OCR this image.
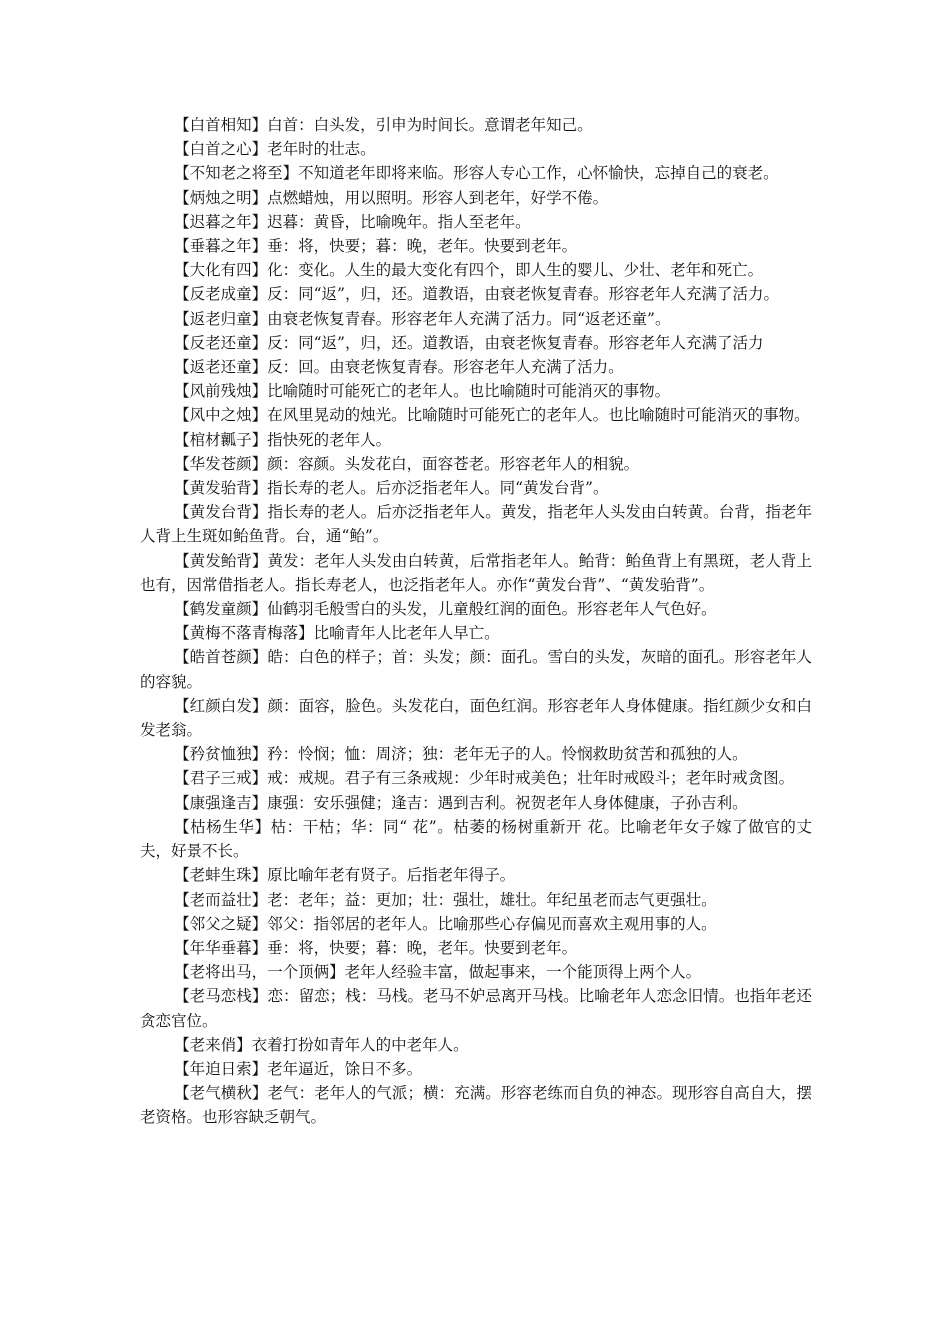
【白首相知】白首：白头发，引申为时间长。意谓老年知己。

【白首之心】老年时的壮志。

【不知老之将至】不知道老年即将来临。形容人专心工作，心怀愉快，忘掉自己的衰老。

【炳烛之明】点燃蜡烛，用以照明。形容人到老年，好学不倦。

【迟暮之年】迟暮：黄昏，比喻晚年。指人至老年。

【垂暮之年】垂：将，快要；暮：晚，老年。快要到老年。

【大化有四】化：变化。人生的最大变化有四个，即人生的婴儿、少壮、老年和死亡。

【反老成童】反：同“返”，归，还。道教语，由衰老恢复青春。形容老年人充满了活力。

【返老归童】由衰老恢复青春。形容老年人充满了活力。同“返老还童”。

【反老还童】反：同“返”，归，还。道教语，由衰老恢复青春。形容老年人充满了活力

【返老还童】反：回。由衰老恢复青春。形容老年人充满了活力。

【风前残烛】比喻随时可能死亡的老年人。也比喻随时可能消灭的事物。

【风中之烛】在风里晃动的烛光。比喻随时可能死亡的老年人。也比喻随时可能消灭的事物。

【棺材瓤子】指快死的老年人。

【华发苍颜】颜：容颜。头发花白，面容苍老。形容老年人的相貌。

【黄发骀背】指长寿的老人。后亦泛指老年人。同“黄发台背”。

【黄发台背】指长寿的老人。后亦泛指老年人。黄发，指老年人头发由白转黄。台背，指老年人背上生斑如鲐鱼背。台，通“鲐”。

【黄发鲐背】黄发：老年人头发由白转黄，后常指老年人。鲐背：鲐鱼背上有黑斑，老人背上也有，因常借指老人。指长寿老人，也泛指老年人。亦作“黄发台背”、“黄发骀背”。

【鹤发童颜】仙鹤羽毛般雪白的头发，儿童般红润的面色。形容老年人气色好。

【黄梅不落青梅落】比喻青年人比老年人早亡。

【皓首苍颜】皓：白色的样子；首：头发；颜：面孔。雪白的头发，灰暗的面孔。形容老年人的容貌。

【红颜白发】颜：面容，脸色。头发花白，面色红润。形容老年人身体健康。指红颜少女和白发老翁。

【矜贫恤独】矜：怜悯；恤：周济；独：老年无子的人。怜悯救助贫苦和孤独的人。

【君子三戒】戒：戒规。君子有三条戒规：少年时戒美色；壮年时戒殴斗；老年时戒贪图。

【康强逢吉】康强：安乐强健；逢吉：遇到吉利。祝贺老年人身体健康，子孙吉利。

【枯杨生华】枯：干枯；华：同“ 花”。枯萎的杨树重新开 花。比喻老年女子嫁了做官的丈夫，好景不长。

【老蚌生珠】原比喻年老有贤子。后指老年得子。

【老而益壮】老：老年；益：更加；壮：强壮，雄壮。年纪虽老而志气更强壮。

【邻父之疑】邻父：指邻居的老年人。比喻那些心存偏见而喜欢主观用事的人。

【年华垂暮】垂：将，快要；暮：晚，老年。快要到老年。

【老将出马，一个顶俩】老年人经验丰富，做起事来，一个能顶得上两个人。

【老马恋栈】恋：留恋；栈：马栈。老马不妒忌离开马栈。比喻老年人恋念旧情。也指年老还贪恋官位。

【老来俏】衣着打扮如青年人的中老年人。

【年迫日索】老年逼近，馀日不多。

【老气横秋】老气：老年人的气派；横：充满。形容老练而自负的神态。现形容自高自大，摆老资格。也形容缺乏朝气。
